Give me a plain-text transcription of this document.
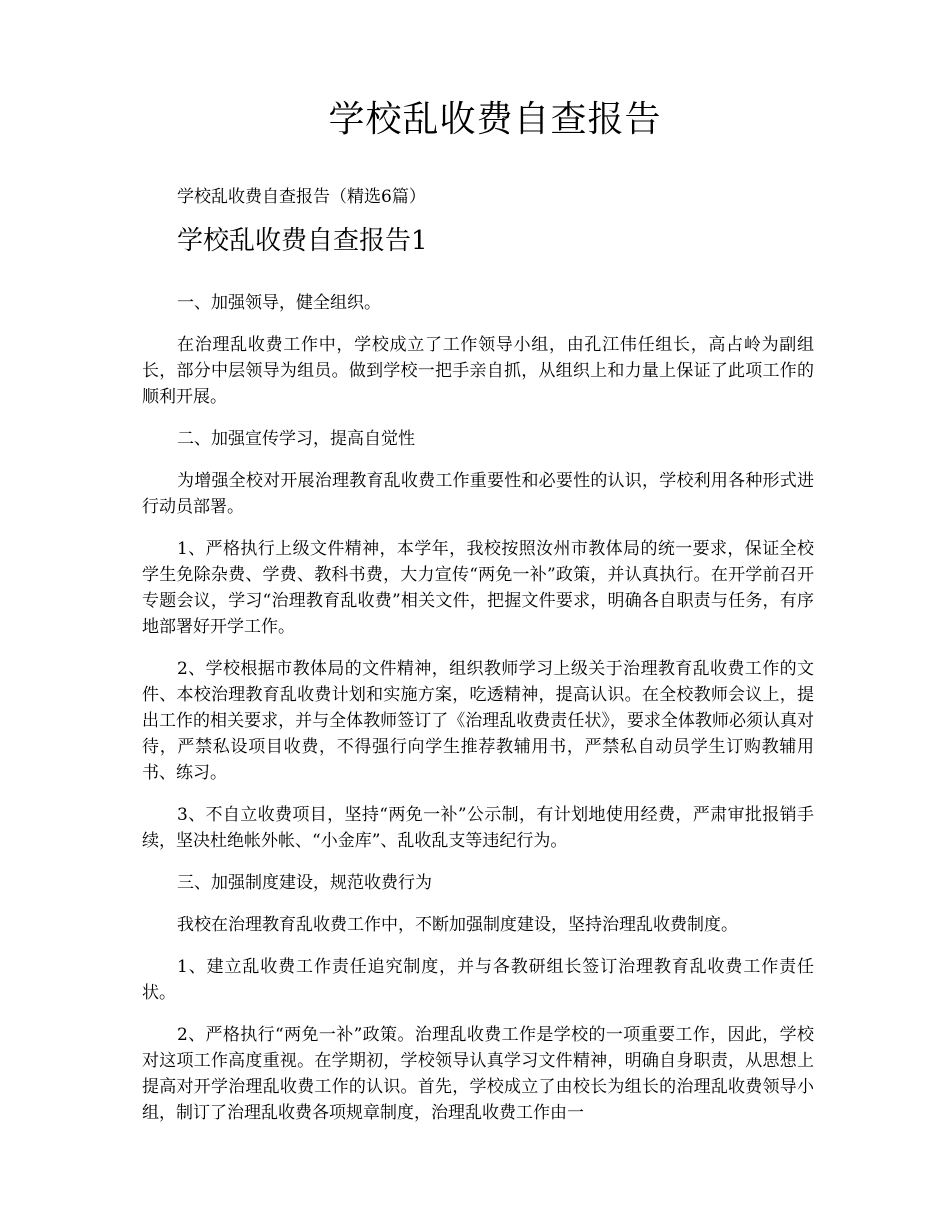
学校乱收费自查报告

学校乱收费自查报告（精选6篇）

学校乱收费自查报告1

一、加强领导，健全组织。

在治理乱收费工作中，学校成立了工作领导小组，由孔江伟任组长，高占岭为副组长，部分中层领导为组员。做到学校一把手亲自抓，从组织上和力量上保证了此项工作的顺利开展。

二、加强宣传学习，提高自觉性

为增强全校对开展治理教育乱收费工作重要性和必要性的认识，学校利用各种形式进行动员部署。

1、严格执行上级文件精神，本学年，我校按照汝州市教体局的统一要求，保证全校学生免除杂费、学费、教科书费，大力宣传“两免一补”政策，并认真执行。在开学前召开专题会议，学习“治理教育乱收费”相关文件，把握文件要求，明确各自职责与任务，有序地部署好开学工作。

2、学校根据市教体局的文件精神，组织教师学习上级关于治理教育乱收费工作的文件、本校治理教育乱收费计划和实施方案，吃透精神，提高认识。在全校教师会议上，提出工作的相关要求，并与全体教师签订了《治理乱收费责任状》，要求全体教师必须认真对待，严禁私设项目收费，不得强行向学生推荐教辅用书，严禁私自动员学生订购教辅用书、练习。

3、不自立收费项目，坚持“两免一补”公示制，有计划地使用经费，严肃审批报销手续，坚决杜绝帐外帐、“小金库”、乱收乱支等违纪行为。

三、加强制度建设，规范收费行为

我校在治理教育乱收费工作中，不断加强制度建设，坚持治理乱收费制度。

1、建立乱收费工作责任追究制度，并与各教研组长签订治理教育乱收费工作责任状。

2、严格执行“两免一补”政策。治理乱收费工作是学校的一项重要工作，因此，学校对这项工作高度重视。在学期初，学校领导认真学习文件精神，明确自身职责，从思想上提高对开学治理乱收费工作的认识。首先，学校成立了由校长为组长的治理乱收费领导小组，制订了治理乱收费各项规章制度，治理乱收费工作由一
